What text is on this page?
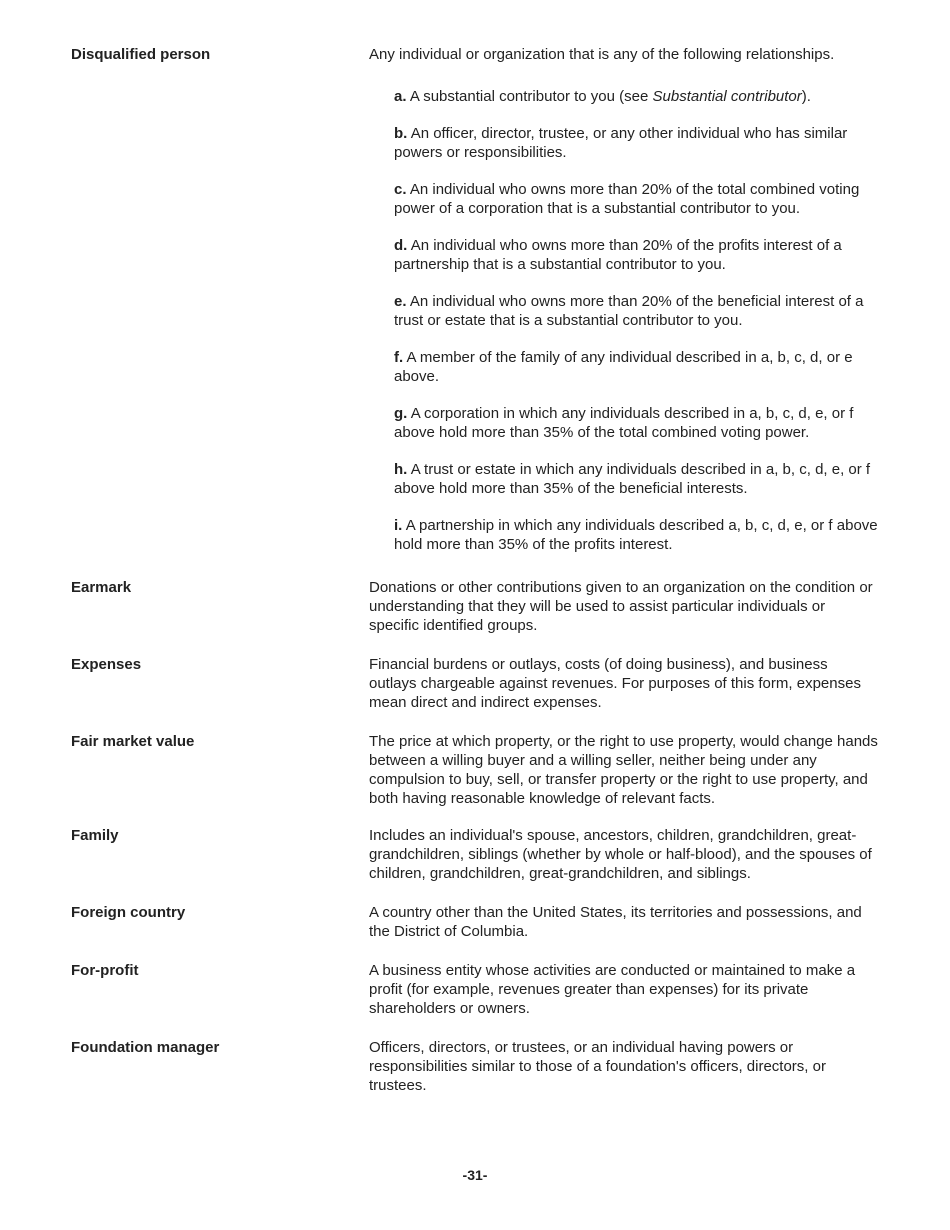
Disqualified person	Any individual or organization that is any of the following relationships.
a. A substantial contributor to you (see Substantial contributor).
b. An officer, director, trustee, or any other individual who has similar powers or responsibilities.
c. An individual who owns more than 20% of the total combined voting power of a corporation that is a substantial contributor to you.
d. An individual who owns more than 20% of the profits interest of a partnership that is a substantial contributor to you.
e. An individual who owns more than 20% of the beneficial interest of a trust or estate that is a substantial contributor to you.
f. A member of the family of any individual described in a, b, c, d, or e above.
g. A corporation in which any individuals described in a, b, c, d, e, or f above hold more than 35% of the total combined voting power.
h. A trust or estate in which any individuals described in a, b, c, d, e, or f above hold more than 35% of the beneficial interests.
i. A partnership in which any individuals described a, b, c, d, e, or f above hold more than 35% of the profits interest.
Earmark	Donations or other contributions given to an organization on the condition or understanding that they will be used to assist particular individuals or specific identified groups.
Expenses	Financial burdens or outlays, costs (of doing business), and business outlays chargeable against revenues. For purposes of this form, expenses mean direct and indirect expenses.
Fair market value	The price at which property, or the right to use property, would change hands between a willing buyer and a willing seller, neither being under any compulsion to buy, sell, or transfer property or the right to use property, and both having reasonable knowledge of relevant facts.
Family	Includes an individual's spouse, ancestors, children, grandchildren, great-grandchildren, siblings (whether by whole or half-blood), and the spouses of children, grandchildren, great-grandchildren, and siblings.
Foreign country	A country other than the United States, its territories and possessions, and the District of Columbia.
For-profit	A business entity whose activities are conducted or maintained to make a profit (for example, revenues greater than expenses) for its private shareholders or owners.
Foundation manager	Officers, directors, or trustees, or an individual having powers or responsibilities similar to those of a foundation's officers, directors, or trustees.
-31-
